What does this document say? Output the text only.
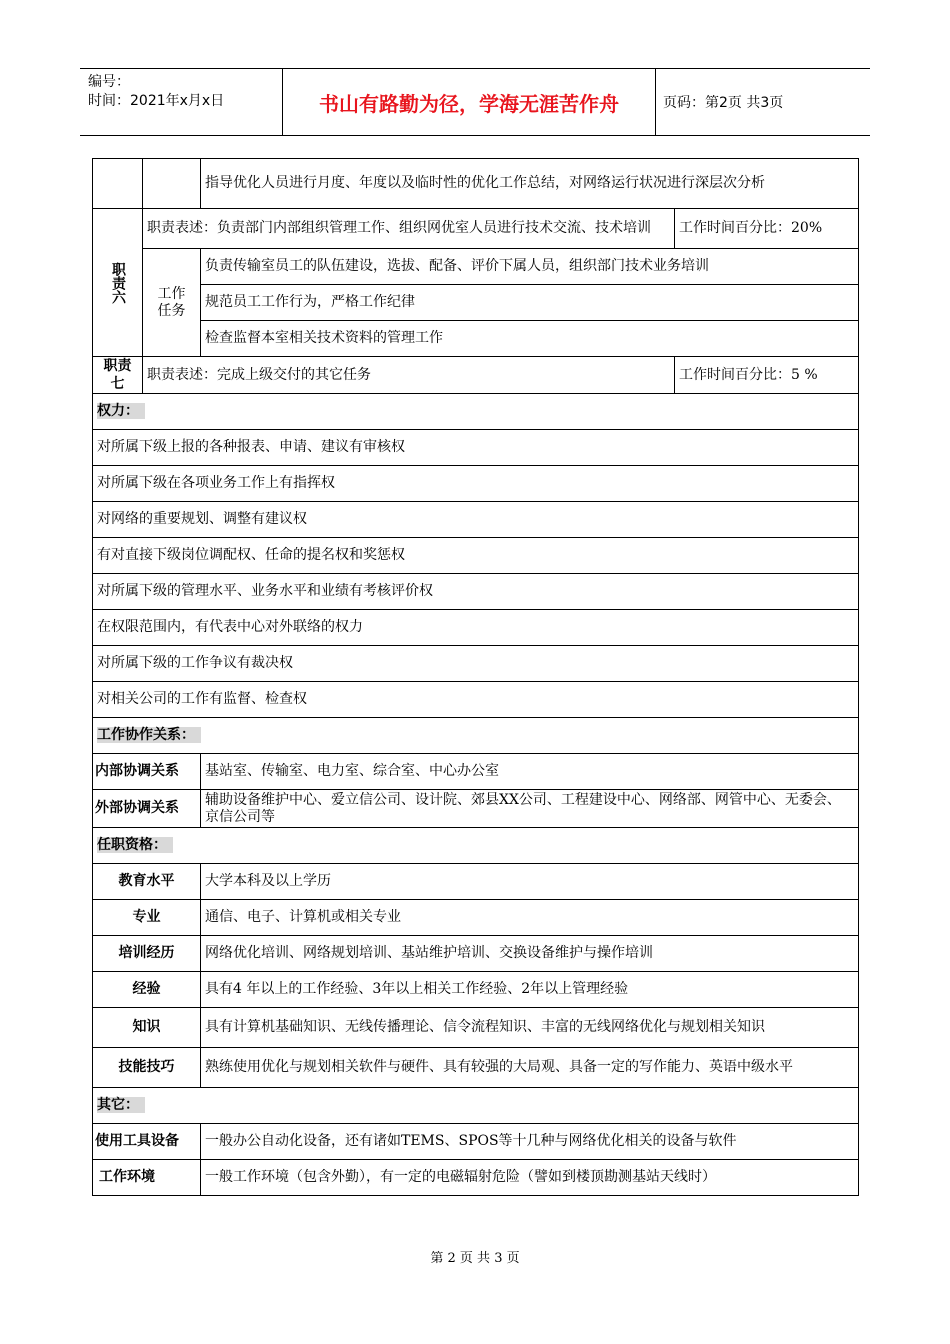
编号：
时间：2021年x月x日	书山有路勤为径，学海无涯苦作舟	页码：第2页 共3页
		指导优化人员进行月度、年度以及临时性的优化工作总结，对网络运行状况进行深层次分析	

职责六	职责表述：负责部门内部组织管理工作、组织网优室人员进行技术交流、技术培训		工作时间百分比：20%

	工作任务	负责传输室员工的队伍建设，选拔、配备、评价下属人员，组织部门技术业务培训	
		规范员工工作行为，严格工作纪律	
		检查监督本室相关技术资料的管理工作	

职责七	职责表述：完成上级交付的其它任务		工作时间百分比：5 %
权力：			
对所属下级上报的各种报表、申请、建议有审核权			
对所属下级在各项业务工作上有指挥权			
对网络的重要规划、调整有建议权			
有对直接下级岗位调配权、任命的提名权和奖惩权			
对所属下级的管理水平、业务水平和业绩有考核评价权			
在权限范围内，有代表中心对外联络的权力			
对所属下级的工作争议有裁决权			
对相关公司的工作有监督、检查权			
工作协作关系：			
内部协调关系		基站室、传输室、电力室、综合室、中心办公室	
外部协调关系		辅助设备维护中心、爱立信公司、设计院、郊县XX公司、工程建设中心、网络部、网管中心、无委会、京信公司等	
任职资格：			
教育水平		大学本科及以上学历	
专业		通信、电子、计算机或相关专业	
培训经历		网络优化培训、网络规划培训、基站维护培训、交换设备维护与操作培训	
经验		具有4 年以上的工作经验、3年以上相关工作经验、2年以上管理经验	
知识		具有计算机基础知识、无线传播理论、信令流程知识、丰富的无线网络优化与规划相关知识	
技能技巧		熟练使用优化与规划相关软件与硬件、具有较强的大局观、具备一定的写作能力、英语中级水平	
其它：			
使用工具设备		一般办公自动化设备，还有诸如TEMS、SPOS等十几种与网络优化相关的设备与软件	
工作环境		一般工作环境（包含外勤），有一定的电磁辐射危险（譬如到楼顶勘测基站天线时）	
第 2 页 共 3 页
